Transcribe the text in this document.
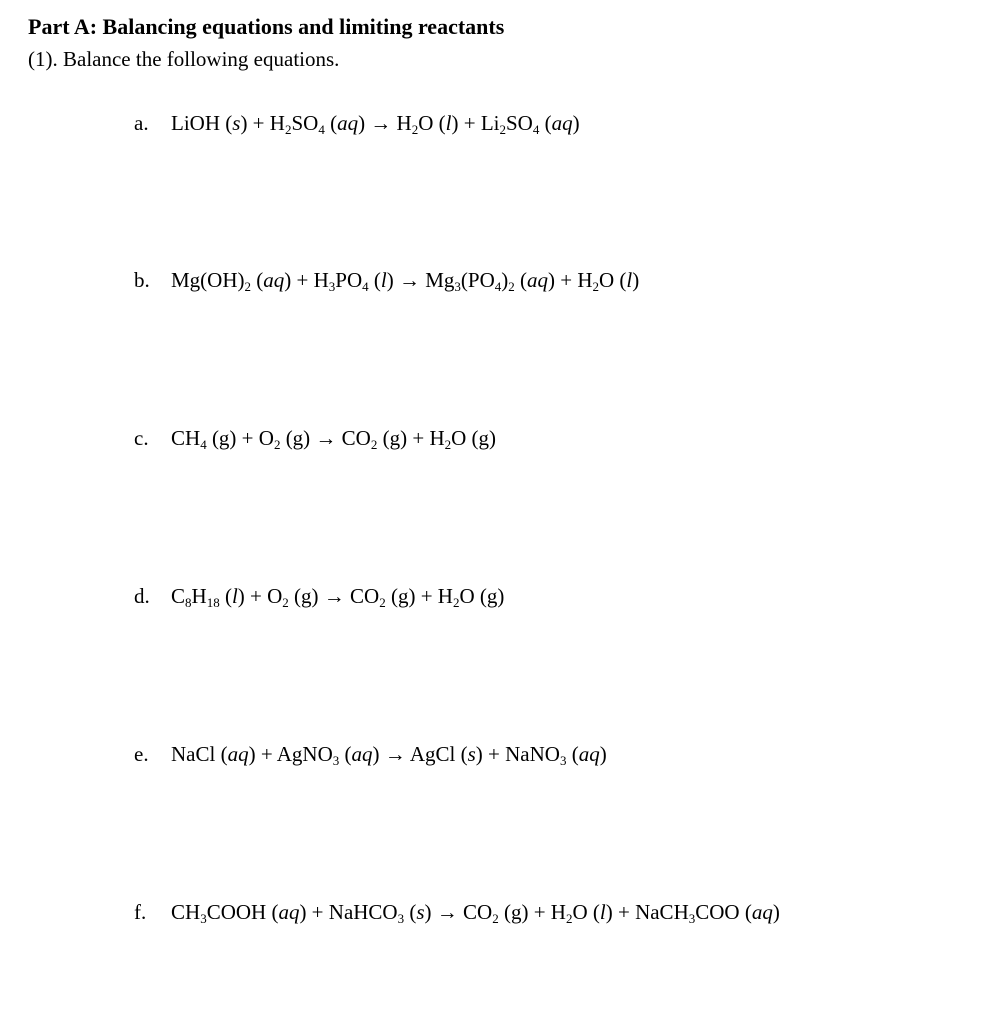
Part A: Balancing equations and limiting reactants
(1). Balance the following equations.
a. LiOH $(s) + H_2SO_4$ $(aq) \to H_2O$ $(l) + Li_2SO_4$ (aq)
b. $Mg(OH)_2$ $(aq) + H_3PO_4$ $(l) \to Mg_3(PO_4)_2$ $(aq) + H_2O$ (l)
c. $CH_4$ $(g) + O_2$ $(g) \to CO_2$ $(g) + H_2O$ (g)
d. $C_8H_{18}$ $(l) + O_2$ $(g) \to CO_2$ $(g) + H_2O$ (g)
e. NaCl (aq) + AgNO$_3$ (aq) → AgCl (s) + NaNO$_3$ (aq)
f. $CH_3COOH$ (aq) + NaHCO$_3$ $(s) \to CO_2$ $(g) + H_2O$ (l) + NaCH$_3$COO (aq)
